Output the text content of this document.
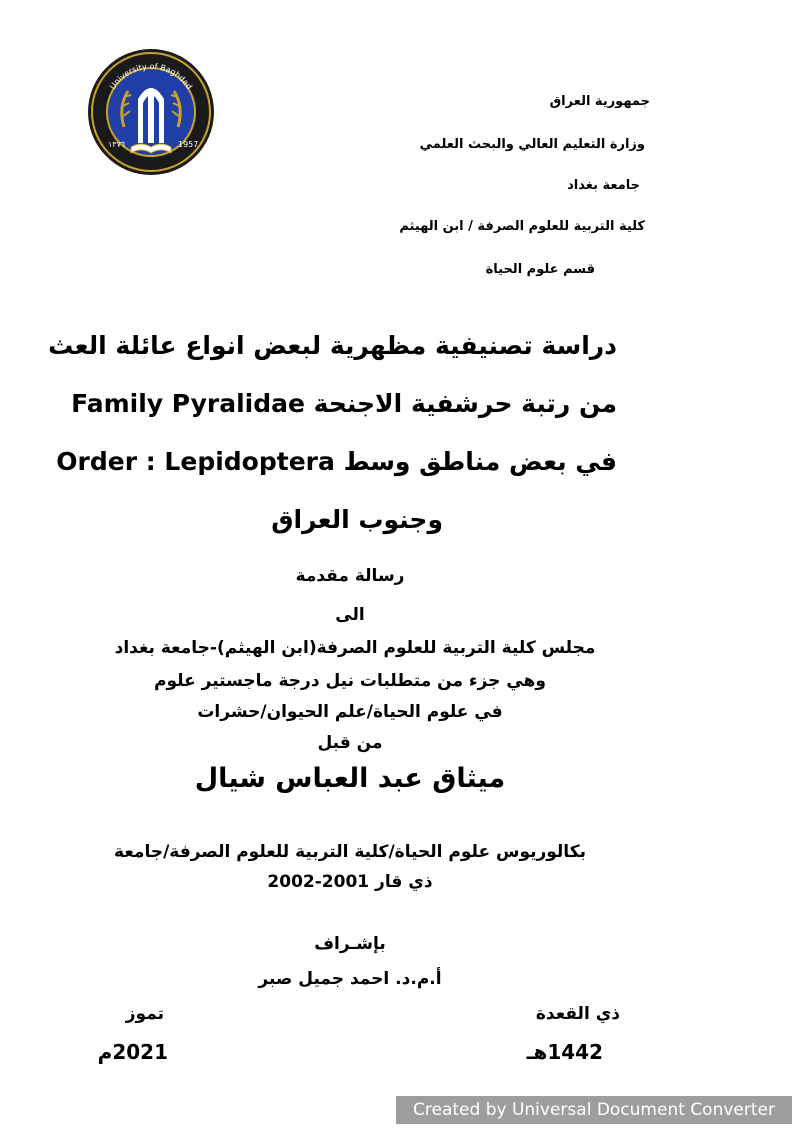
University of Baghdad
١٣٧٦	1957
جمهورية العراق
وزارة التعليم العالي والبحث العلمي
جامعة بغداد
كلية التربية للعلوم الصرفة / ابن الهيثم
قسم علوم الحياة
دراسة تصنيفية مظهرية لبعض انواع عائلة العث
من رتبة حرشفية الاجنحة Family Pyralidae
في بعض مناطق وسط Order : Lepidoptera
وجنوب العراق
رسالة مقدمة
الى
مجلس كلية التربية للعلوم الصرفة(ابن الهيثم)-جامعة بغداد
وهي جزء من متطلبات نيل درجة ماجستير علوم
في علوم الحياة/علم الحيوان/حشرات
من قبل
ميثاق عبد العباس شيال
بكالوريوس علوم الحياة/كلية التربية للعلوم الصرفة/جامعة
ذي قار 2001-2002
بإشـراف
أ.م.د. احمد جميل صبر
ذي القعدة
1442هـ
تموز
2021م
Created by Universal Document Converter
